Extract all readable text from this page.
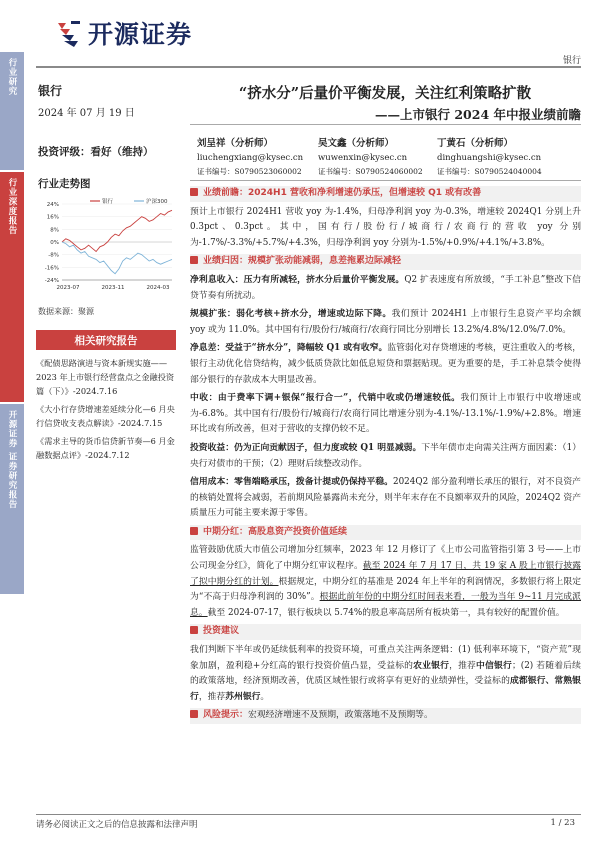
行业研究
行业深度报告
开源证券 证券研究报告
开源证券
银行
银行
2024 年 07 月 19 日
投资评级：看好（维持）
行业走势图
24%
16%
8%
0%
-8%
-16%
-24%
2023-07	2023-11	2024-03
银行	沪深300
数据来源：聚源
相关研究报告
《配债思路演进与资本新规实施——2023 年上市银行经营盘点之金融投资篇（下）》-2024.7.16
《大小行存贷增速差延续分化—6 月央行信贷收支表点解读》-2024.7.15
《需求主导的货币信贷新节奏—6 月金融数据点评》-2024.7.12
“挤水分”后量价平衡发展，关注红利策略扩散
——上市银行 2024 年中报业绩前瞻
刘呈祥（分析师）
liuchengxiang@kysec.cn
证书编号：S0790523060002
吴文鑫（分析师）
wuwenxin@kysec.cn
证书编号：S0790524060002
丁黄石（分析师）
dinghuangshi@kysec.cn
证书编号：S0790524040004

业绩前瞻：2024H1 营收和净利增速仍承压，但增速较 Q1 或有改善

预计上市银行 2024H1 营收 yoy 为-1.4%，归母净利润 yoy 为-0.3%，增速较 2024Q1 分别上升 0.3pct、0.3pct。其中，国有行/股份行/城商行/农商行的营收 yoy 分别为-1.7%/-3.3%/+5.7%/+4.3%，归母净利润 yoy 分别为-1.5%/+0.9%/+4.1%/+3.8%。

业绩归因：规模扩张动能减弱，息差拖累边际减轻

净利息收入：压力有所减轻，挤水分后量价平衡发展。Q2 扩表速度有所放缓，“手工补息”整改下信贷节奏有所扰动。

规模扩张：弱化考核+挤水分，增速或边际下降。我们预计 2024H1 上市银行生息资产平均余额 yoy 或为 11.0%。其中国有行/股份行/城商行/农商行同比分别增长 13.2%/4.8%/12.0%/7.0%。

净息差：受益于“挤水分”，降幅较 Q1 或有收窄。监管弱化对存贷增速的考核，更注重收入的考核，银行主动优化信贷结构，减少低质贷款比如低息短贷和票据贴现。更为重要的是，手工补息禁令使得部分银行的存款成本大明显改善。

中收：由于费率下调+银保“报行合一”，代销中收或仍增速较低。我们预计上市银行中收增速或为-6.8%。其中国有行/股份行/城商行/农商行同比增速分别为-4.1%/-13.1%/-1.9%/+2.8%。增速环比或有所改善，但对于营收的支撑仍较不足。

投资收益：仍为正向贡献因子，但力度或较 Q1 明显减弱。下半年债市走向需关注两方面因素：（1）央行对债市的干预；（2）理财后续整改动作。

信用成本：零售端略承压，拨备计提或仍保持平稳。2024Q2 部分盈利增长承压的银行，对不良资产的核销处置将会减弱，若前期风险暴露尚未充分，则半年末存在不良额率双升的风险，2024Q2 资产质量压力可能主要来源于零售。

中期分红：高股息资产投资价值延续

监管鼓励优质大市值公司增加分红频率，2023 年 12 月修订了《上市公司监管指引第 3 号——上市公司现金分红》，简化了中期分红审议程序。截至 2024 年 7 月 17 日，共 19 家 A 股上市银行披露了拟中期分红的计划。根据规定，中期分红的基准是 2024 年上半年的利润情况，多数银行将上限定为“不高于归母净利润的 30%”。根据此前年份的中期分红时间表来看，一般为当年 9~11 月完成派息。截至 2024-07-17，银行板块以 5.74%的股息率高居所有板块第一，具有较好的配置价值。

投资建议

我们判断下半年或仍延续低利率的投资环境，可重点关注两条逻辑：(1) 低利率环境下，“资产荒”现象加剧，盈利稳+分红高的银行投资价值凸显，受益标的农业银行，推荐中信银行；(2) 若随着后续的政策落地，经济预期改善，优质区域性银行或将享有更好的业绩弹性，受益标的成都银行、常熟银行，推荐苏州银行。

风险提示：宏观经济增速不及预期，政策落地不及预期等。

请务必阅读正文之后的信息披露和法律声明	1 / 23
